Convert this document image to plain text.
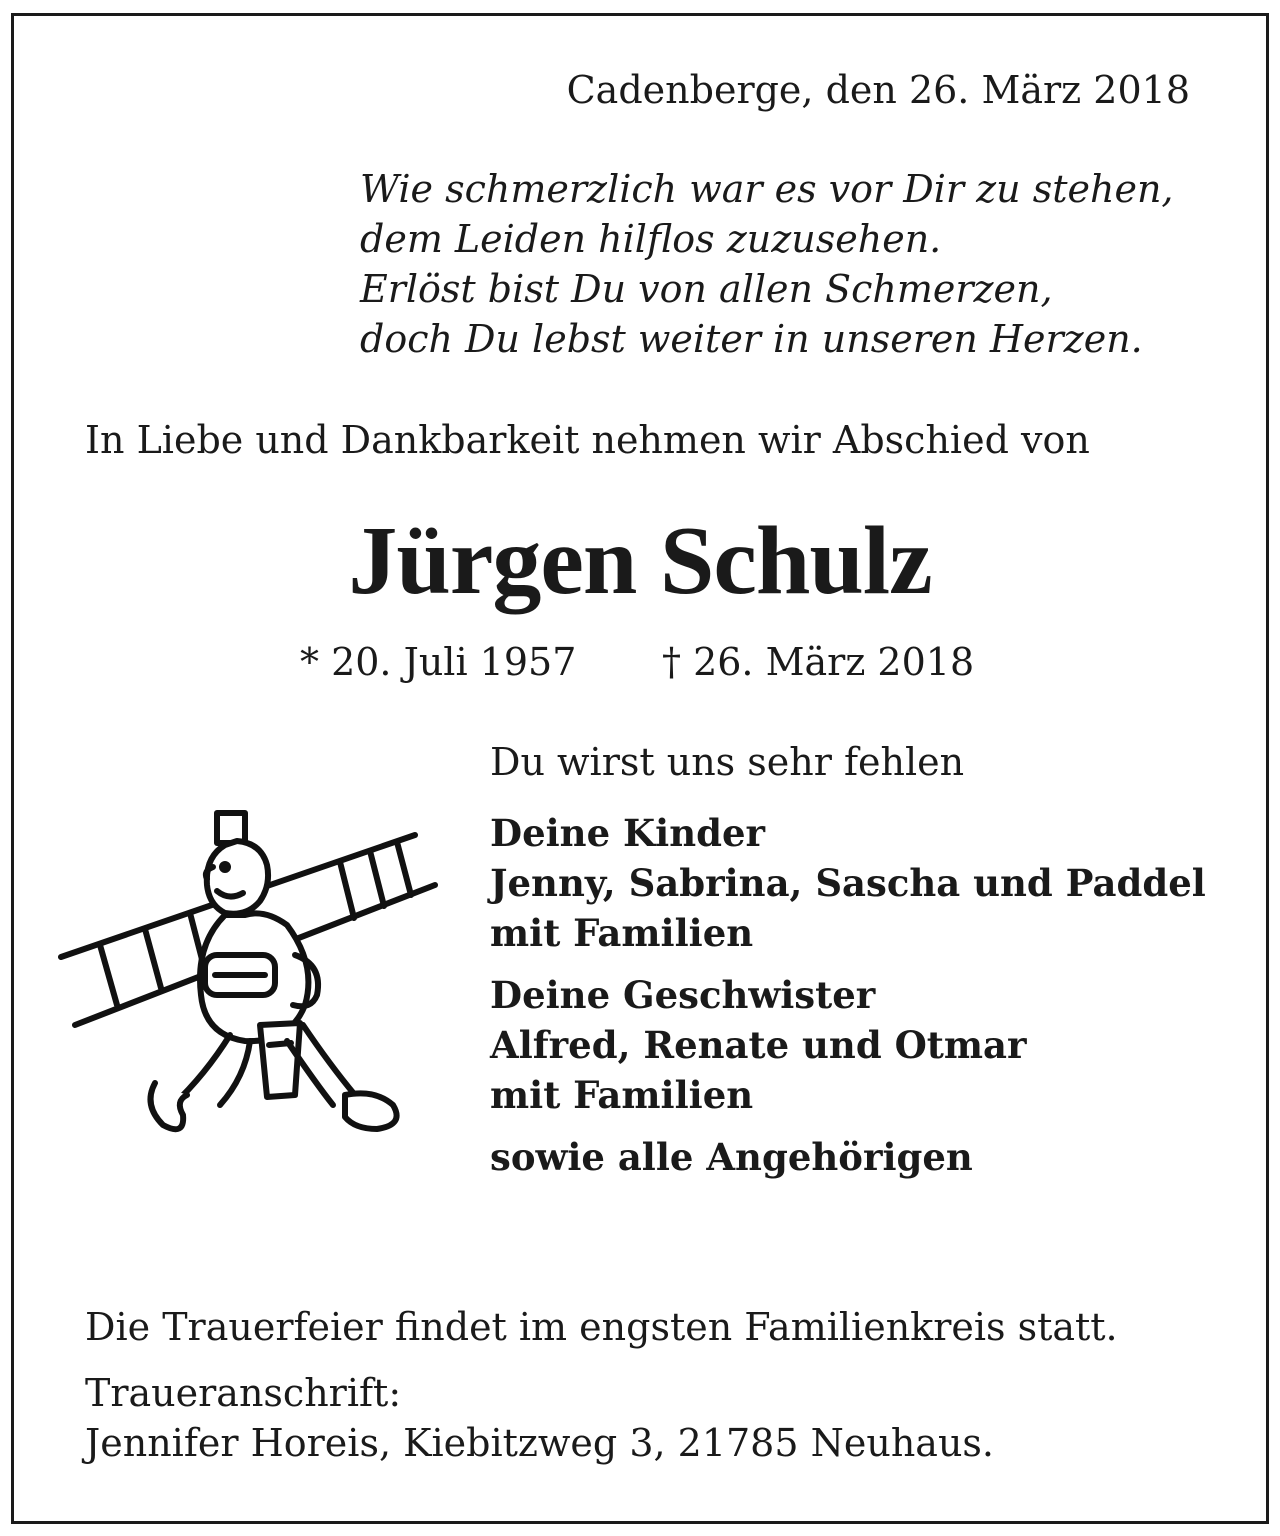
Cadenberge, den 26. März 2018
Wie schmerzlich war es vor Dir zu stehen,
dem Leiden hilflos zuzusehen.
Erlöst bist Du von allen Schmerzen,
doch Du lebst weiter in unseren Herzen.
In Liebe und Dankbarkeit nehmen wir Abschied von
Jürgen Schulz
* 20. Juli 1957 † 26. März 2018
Du wirst uns sehr fehlen
Deine Kinder
Jenny, Sabrina, Sascha und Paddel
mit Familien
Deine Geschwister
Alfred, Renate und Otmar
mit Familien
sowie alle Angehörigen
Die Trauerfeier findet im engsten Familienkreis statt.
Traueranschrift:
Jennifer Horeis, Kiebitzweg 3, 21785 Neuhaus.
